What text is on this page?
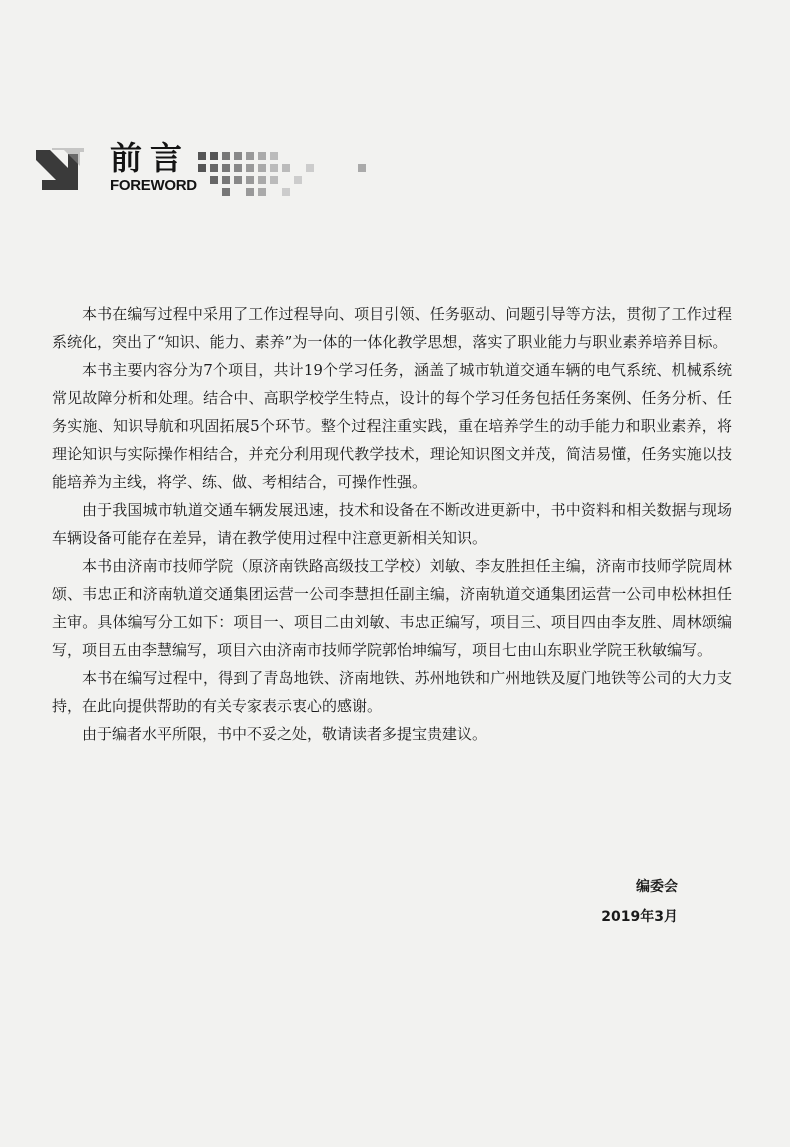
前言
FOREWORD

本书在编写过程中采用了工作过程导向、项目引领、任务驱动、问题引导等方法，贯彻了工作过程系统化，突出了“知识、能力、素养”为一体的一体化教学思想，落实了职业能力与职业素养培养目标。

本书主要内容分为7个项目，共计19个学习任务，涵盖了城市轨道交通车辆的电气系统、机械系统常见故障分析和处理。结合中、高职学校学生特点，设计的每个学习任务包括任务案例、任务分析、任务实施、知识导航和巩固拓展5个环节。整个过程注重实践，重在培养学生的动手能力和职业素养，将理论知识与实际操作相结合，并充分利用现代教学技术，理论知识图文并茂，简洁易懂，任务实施以技能培养为主线，将学、练、做、考相结合，可操作性强。

由于我国城市轨道交通车辆发展迅速，技术和设备在不断改进更新中，书中资料和相关数据与现场车辆设备可能存在差异，请在教学使用过程中注意更新相关知识。

本书由济南市技师学院（原济南铁路高级技工学校）刘敏、李友胜担任主编，济南市技师学院周林颂、韦忠正和济南轨道交通集团运营一公司李慧担任副主编，济南轨道交通集团运营一公司申松林担任主审。具体编写分工如下：项目一、项目二由刘敏、韦忠正编写，项目三、项目四由李友胜、周林颂编写，项目五由李慧编写，项目六由济南市技师学院郭怡坤编写，项目七由山东职业学院王秋敏编写。

本书在编写过程中，得到了青岛地铁、济南地铁、苏州地铁和广州地铁及厦门地铁等公司的大力支持，在此向提供帮助的有关专家表示衷心的感谢。

由于编者水平所限，书中不妥之处，敬请读者多提宝贵建议。

编委会
2019年3月
